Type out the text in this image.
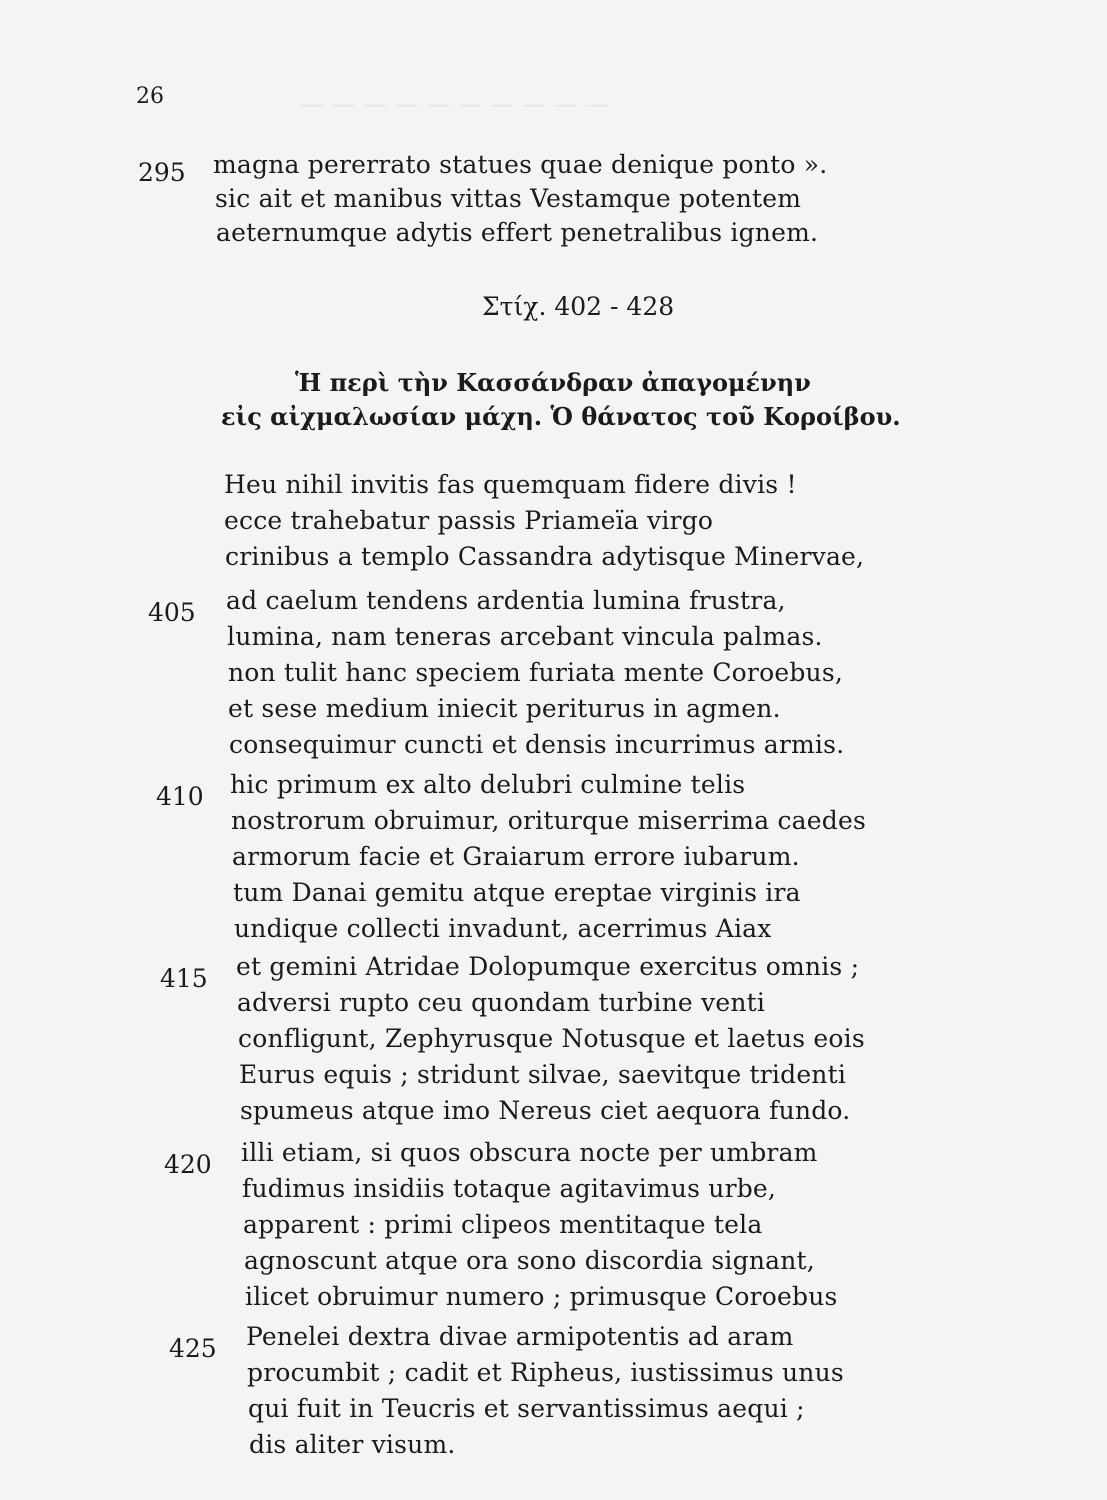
— — — — — — — — — —
26
295 magna pererrato statues quae denique ponto ».
sic ait et manibus vittas Vestamque potentem
aeternumque adytis effert penetralibus ignem.
Στίχ. 402 - 428
Ἡ περὶ τὴν Κασσάνδραν ἀπαγομένην
εἰς αἰχμαλωσίαν μάχη. Ὁ θάνατος τοῦ Κοροίβου.
Heu nihil invitis fas quemquam fidere divis !
ecce trahebatur passis Priameïa virgo
crinibus a templo Cassandra adytisque Minervae,
405 ad caelum tendens ardentia lumina frustra,
lumina, nam teneras arcebant vincula palmas.
non tulit hanc speciem furiata mente Coroebus,
et sese medium iniecit periturus in agmen.
consequimur cuncti et densis incurrimus armis.
410 hic primum ex alto delubri culmine telis
nostrorum obruimur, oriturque miserrima caedes
armorum facie et Graiarum errore iubarum.
tum Danai gemitu atque ereptae virginis ira
undique collecti invadunt, acerrimus Aiax
415 et gemini Atridae Dolopumque exercitus omnis ;
adversi rupto ceu quondam turbine venti
confligunt, Zephyrusque Notusque et laetus eois
Eurus equis ; stridunt silvae, saevitque tridenti
spumeus atque imo Nereus ciet aequora fundo.
420 illi etiam, si quos obscura nocte per umbram
fudimus insidiis totaque agitavimus urbe,
apparent : primi clipeos mentitaque tela
agnoscunt atque ora sono discordia signant,
ilicet obruimur numero ; primusque Coroebus
425 Penelei dextra divae armipotentis ad aram
procumbit ; cadit et Ripheus, iustissimus unus
qui fuit in Teucris et servantissimus aequi ;
dis aliter visum.
